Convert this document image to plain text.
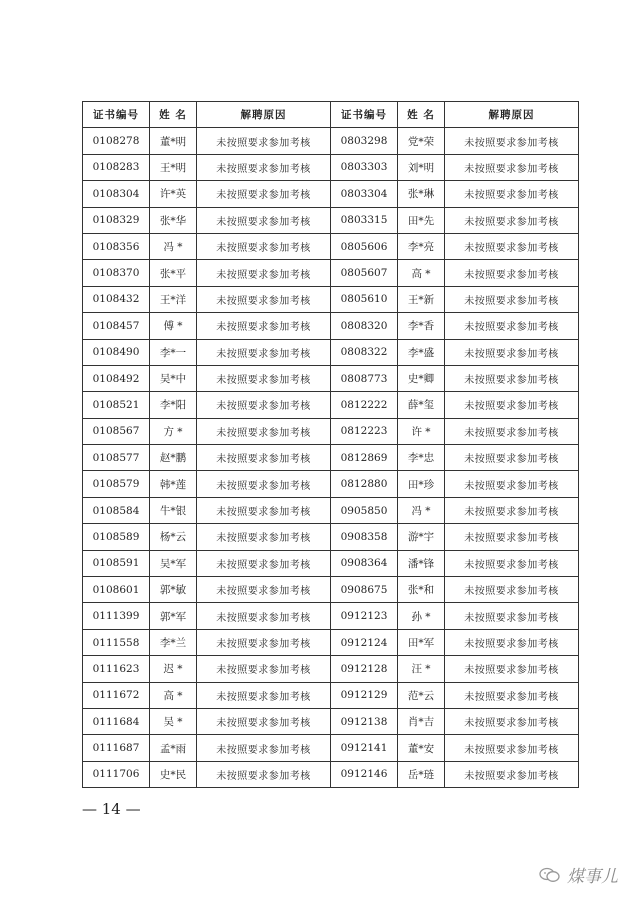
证书编号	姓 名	解聘原因	证书编号	姓 名	解聘原因
0108278	董*明	未按照要求参加考核	0803298	党*荣	未按照要求参加考核
0108283	王*明	未按照要求参加考核	0803303	刘*明	未按照要求参加考核
0108304	许*英	未按照要求参加考核	0803304	张*琳	未按照要求参加考核
0108329	张*华	未按照要求参加考核	0803315	田*先	未按照要求参加考核
0108356	冯 *	未按照要求参加考核	0805606	李*亮	未按照要求参加考核
0108370	张*平	未按照要求参加考核	0805607	高 *	未按照要求参加考核
0108432	王*洋	未按照要求参加考核	0805610	王*新	未按照要求参加考核
0108457	傅 *	未按照要求参加考核	0808320	李*香	未按照要求参加考核
0108490	李*一	未按照要求参加考核	0808322	李*盛	未按照要求参加考核
0108492	吴*中	未按照要求参加考核	0808773	史*卿	未按照要求参加考核
0108521	李*阳	未按照要求参加考核	0812222	薛*玺	未按照要求参加考核
0108567	方 *	未按照要求参加考核	0812223	许 *	未按照要求参加考核
0108577	赵*鹏	未按照要求参加考核	0812869	李*忠	未按照要求参加考核
0108579	韩*莲	未按照要求参加考核	0812880	田*珍	未按照要求参加考核
0108584	牛*银	未按照要求参加考核	0905850	冯 *	未按照要求参加考核
0108589	杨*云	未按照要求参加考核	0908358	游*宇	未按照要求参加考核
0108591	吴*军	未按照要求参加考核	0908364	潘*锋	未按照要求参加考核
0108601	郭*敏	未按照要求参加考核	0908675	张*和	未按照要求参加考核
0111399	郭*军	未按照要求参加考核	0912123	孙 *	未按照要求参加考核
0111558	李*兰	未按照要求参加考核	0912124	田*军	未按照要求参加考核
0111623	迟 *	未按照要求参加考核	0912128	汪 *	未按照要求参加考核
0111672	高 *	未按照要求参加考核	0912129	范*云	未按照要求参加考核
0111684	吴 *	未按照要求参加考核	0912138	肖*吉	未按照要求参加考核
0111687	孟*雨	未按照要求参加考核	0912141	董*安	未按照要求参加考核
0111706	史*民	未按照要求参加考核	0912146	岳*琏	未按照要求参加考核
— 14 —
煤事儿
